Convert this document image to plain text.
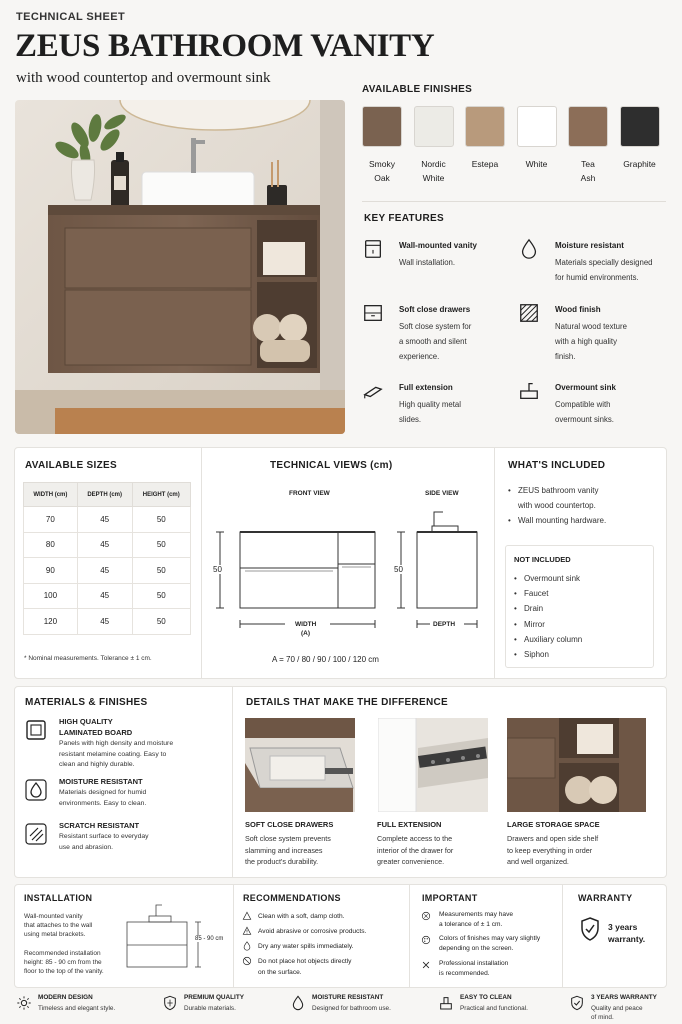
TECHNICAL SHEET
ZEUS BATHROOM VANITY
with wood countertop and overmount sink
AVAILABLE FINISHES
Smoky
Oak
Nordic
White
Estepa	White	Tea
Ash
Graphite
KEY FEATURES
Wall-mounted vanity
Wall installation.
Moisture resistant
Materials specially designed
for humid environments.
Soft close drawers
Soft close system for
a smooth and silent
experience.
Wood finish
Natural wood texture
with a high quality
finish.
Full extension
High quality metal
slides.
Overmount sink
Compatible with
overmount sinks.
AVAILABLE SIZES
WIDTH (cm)	DEPTH (cm)	HEIGHT (cm)
70	45	50
80	45	50
90	45	50
100	45	50
120	45	50
* Nominal measurements. Tolerance ± 1 cm.
TECHNICAL VIEWS (cm)
FRONT VIEW	SIDE VIEW
50	50
WIDTH
(A)
DEPTH
A = 70 / 80 / 90 / 100 / 120 cm
WHAT'S INCLUDED
• ZEUS bathroom vanity
with wood countertop.
• Wall mounting hardware.
NOT INCLUDED
• Overmount sink
• Faucet
• Drain
• Mirror
• Auxiliary column
• Siphon
MATERIALS & FINISHES
HIGH QUALITY
LAMINATED BOARD
Panels with high density and moisture
resistant melamine coating. Easy to
clean and highly durable.
MOISTURE RESISTANT
Materials designed for humid
environments. Easy to clean.
SCRATCH RESISTANT
Resistant surface to everyday
use and abrasion.
DETAILS THAT MAKE THE DIFFERENCE
SOFT CLOSE DRAWERS
Soft close system prevents
slamming and increases
the product's durability.
FULL EXTENSION
Complete access to the
interior of the drawer for
greater convenience.
LARGE STORAGE SPACE
Drawers and open side shelf
to keep everything in order
and well organized.
INSTALLATION
Wall-mounted vanity
that attaches to the wall
using metal brackets.
Recommended installation
height: 85 - 90 cm from the
floor to the top of the vanity.
85 - 90 cm
RECOMMENDATIONS
Clean with a soft, damp cloth.
Avoid abrasive or corrosive products.
Dry any water spills immediately.
Do not place hot objects directly
on the surface.
IMPORTANT
Measurements may have
a tolerance of ± 1 cm.
Colors of finishes may vary slightly
depending on the screen.
Professional installation
is recommended.
WARRANTY
3 years
warranty.
MODERN DESIGN
Timeless and elegant style.
PREMIUM QUALITY
Durable materials.
MOISTURE RESISTANT
Designed for bathroom use.
EASY TO CLEAN
Practical and functional.
3 YEARS WARRANTY
Quality and peace
of mind.
